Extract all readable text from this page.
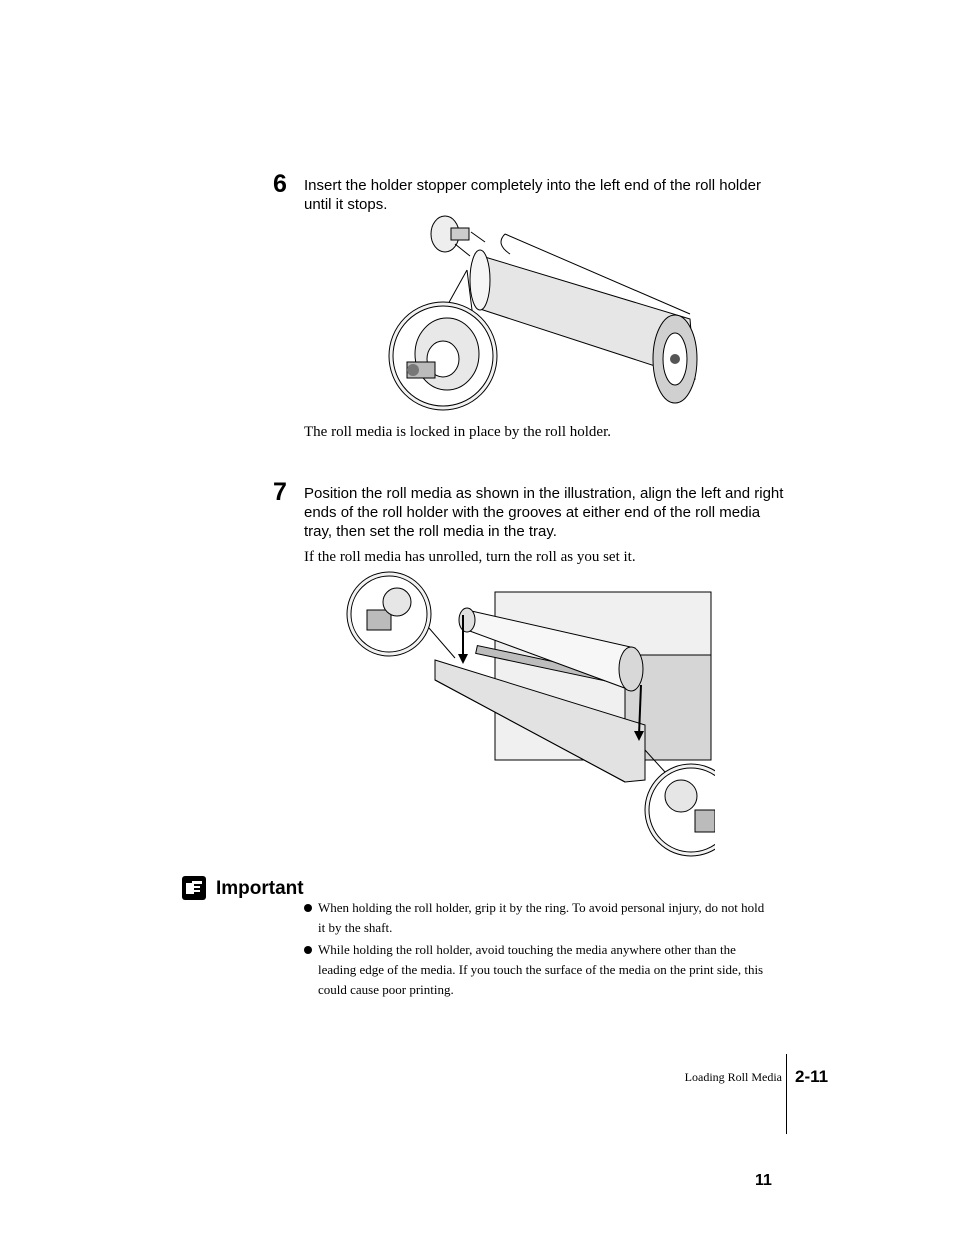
6 Insert the holder stopper completely into the left end of the roll holder until it stops.
The roll media is locked in place by the roll holder.
7 Position the roll media as shown in the illustration, align the left and right ends of the roll holder with the grooves at either end of the roll media tray, then set the roll media in the tray.
If the roll media has unrolled, turn the roll as you set it.
Important
When holding the roll holder, grip it by the ring. To avoid personal injury, do not hold it by the shaft.
While holding the roll holder, avoid touching the media anywhere other than the leading edge of the media. If you touch the surface of the media on the print side, this could cause poor printing.
Loading Roll Media 2-11
11
